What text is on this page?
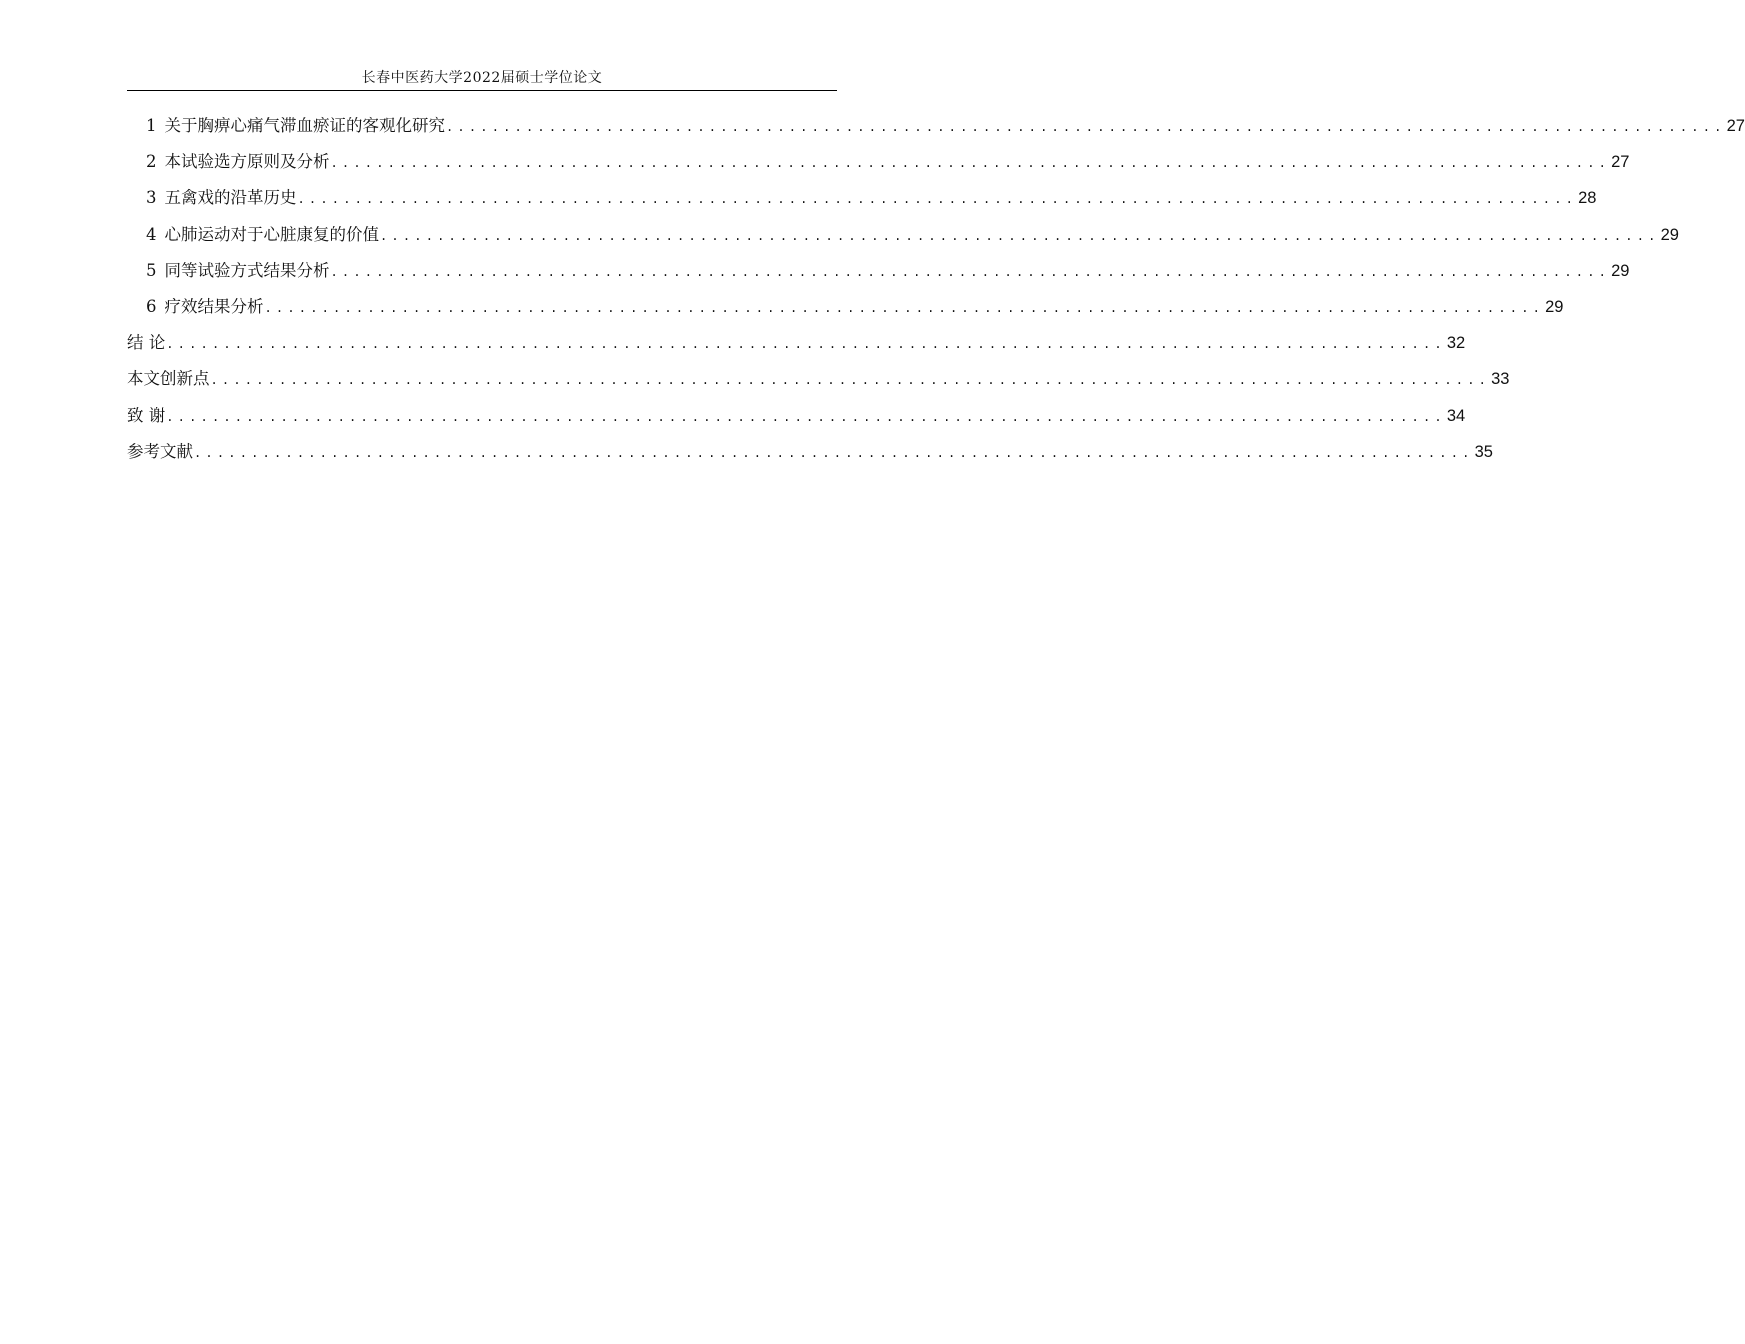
长春中医药大学2022届硕士学位论文
1 关于胸痹心痛气滞血瘀证的客观化研究 ................................................................................................................ 27
2 本试验选方原则及分析 ................................................................................................................ 27
3 五禽戏的沿革历史 ................................................................................................................ 28
4 心肺运动对于心脏康复的价值 ................................................................................................................ 29
5 同等试验方式结果分析 ................................................................................................................ 29
6 疗效结果分析 ................................................................................................................ 29
结 论 ................................................................................................................ 32
本文创新点 ................................................................................................................ 33
致 谢 ................................................................................................................ 34
参考文献 ................................................................................................................ 35
